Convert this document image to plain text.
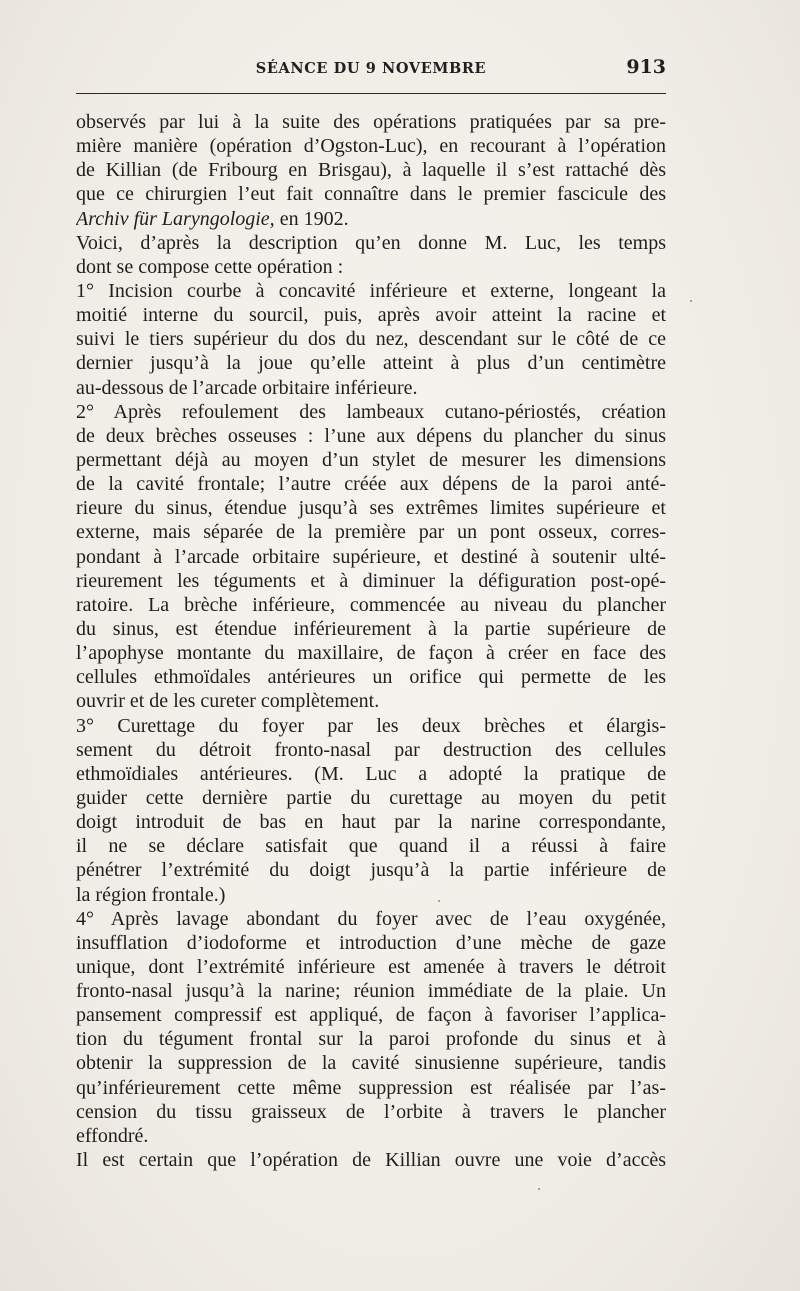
SÉANCE DU 9 NOVEMBRE	913
observés par lui à la suite des opérations pratiquées par sa pre-
mière manière (opération d’Ogston-Luc), en recourant à l’opération
de Killian (de Fribourg en Brisgau), à laquelle il s’est rattaché dès
que ce chirurgien l’eut fait connaître dans le premier fascicule des
Archiv für Laryngologie, en 1902.
Voici, d’après la description qu’en donne M. Luc, les temps
dont se compose cette opération :
1° Incision courbe à concavité inférieure et externe, longeant la
moitié interne du sourcil, puis, après avoir atteint la racine et
suivi le tiers supérieur du dos du nez, descendant sur le côté de ce
dernier jusqu’à la joue qu’elle atteint à plus d’un centimètre
au-dessous de l’arcade orbitaire inférieure.
2° Après refoulement des lambeaux cutano-périostés, création
de deux brèches osseuses : l’une aux dépens du plancher du sinus
permettant déjà au moyen d’un stylet de mesurer les dimensions
de la cavité frontale; l’autre créée aux dépens de la paroi anté-
rieure du sinus, étendue jusqu’à ses extrêmes limites supérieure et
externe, mais séparée de la première par un pont osseux, corres-
pondant à l’arcade orbitaire supérieure, et destiné à soutenir ulté-
rieurement les téguments et à diminuer la défiguration post-opé-
ratoire. La brèche inférieure, commencée au niveau du plancher
du sinus, est étendue inférieurement à la partie supérieure de
l’apophyse montante du maxillaire, de façon à créer en face des
cellules ethmoïdales antérieures un orifice qui permette de les
ouvrir et de les cureter complètement.
3° Curettage du foyer par les deux brèches et élargis-
sement du détroit fronto-nasal par destruction des cellules
ethmoïdiales antérieures. (M. Luc a adopté la pratique de
guider cette dernière partie du curettage au moyen du petit
doigt introduit de bas en haut par la narine correspondante,
il ne se déclare satisfait que quand il a réussi à faire
pénétrer l’extrémité du doigt jusqu’à la partie inférieure de
la région frontale.)
4° Après lavage abondant du foyer avec de l’eau oxygénée,
insufflation d’iodoforme et introduction d’une mèche de gaze
unique, dont l’extrémité inférieure est amenée à travers le détroit
fronto-nasal jusqu’à la narine; réunion immédiate de la plaie. Un
pansement compressif est appliqué, de façon à favoriser l’applica-
tion du tégument frontal sur la paroi profonde du sinus et à
obtenir la suppression de la cavité sinusienne supérieure, tandis
qu’inférieurement cette même suppression est réalisée par l’as-
cension du tissu graisseux de l’orbite à travers le plancher
effondré.
Il est certain que l’opération de Killian ouvre une voie d’accès
